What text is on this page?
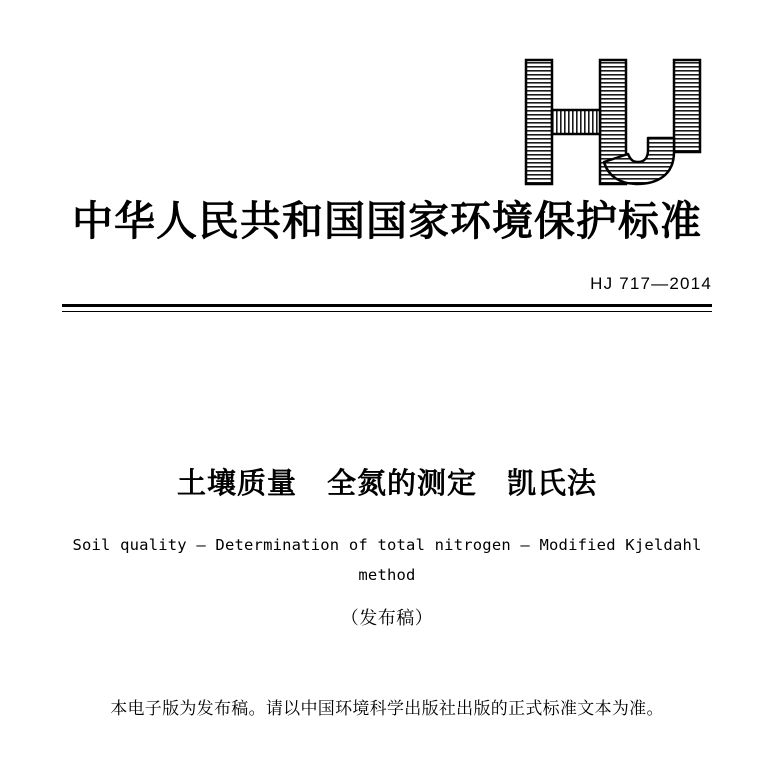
中华人民共和国国家环境保护标准
HJ 717—2014
土壤质量　全氮的测定　凯氏法
Soil quality — Determination of total nitrogen — Modified Kjeldahl
method
（发布稿）
本电子版为发布稿。请以中国环境科学出版社出版的正式标准文本为准。
